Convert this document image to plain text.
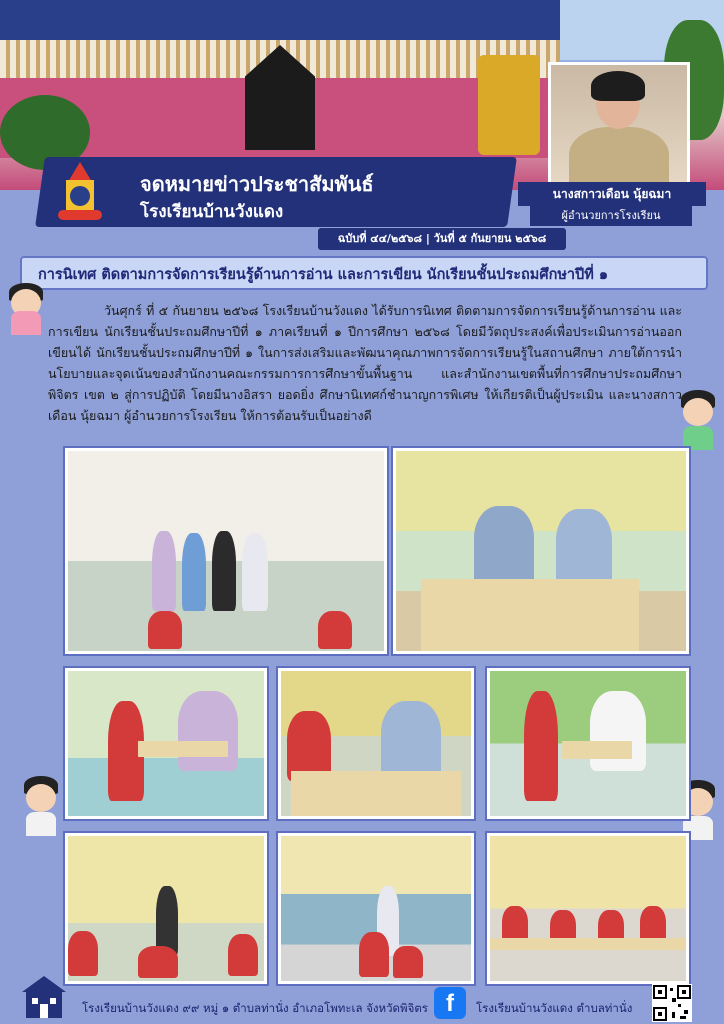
จดหมายข่าวประชาสัมพันธ์
โรงเรียนบ้านวังแดง
นางสกาวเดือน นุ้ยฉมา
ผู้อำนวยการโรงเรียน
ฉบับที่ ๔๔/๒๕๖๘ | วันที่ ๕ กันยายน ๒๕๖๘
การนิเทศ ติดตามการจัดการเรียนรู้ด้านการอ่าน และการเขียน นักเรียนชั้นประถมศึกษาปีที่ ๑
วันศุกร์ ที่ ๕ กันยายน ๒๕๖๘ โรงเรียนบ้านวังแดง ได้รับการนิเทศ ติดตามการจัดการเรียนรู้ด้านการอ่าน และการเขียน นักเรียนชั้นประถมศึกษาปีที่ ๑ ภาคเรียนที่ ๑ ปีการศึกษา ๒๕๖๘ โดยมีวัตถุประสงค์เพื่อประเมินการอ่านออก เขียนได้ นักเรียนชั้นประถมศึกษาปีที่ ๑ ในการส่งเสริมและพัฒนาคุณภาพการจัดการเรียนรู้ในสถานศึกษา ภายใต้การนำนโยบายและจุดเน้นของสำนักงานคณะกรรมการการศึกษาขั้นพื้นฐาน และสำนักงานเขตพื้นที่การศึกษาประถมศึกษาพิจิตร เขต ๒ สู่การปฏิบัติ โดยมีนางอิสรา ยอดยิ่ง ศึกษานิเทศก์ชำนาญการพิเศษ ให้เกียรติเป็นผู้ประเมิน และนางสกาวเดือน นุ้ยฉมา ผู้อำนวยการโรงเรียน ให้การต้อนรับเป็นอย่างดี
โรงเรียนบ้านวังแดง ๙๙ หมู่ ๑ ตำบลท่านั่ง อำเภอโพทะเล จังหวัดพิจิตร f	โรงเรียนบ้านวังแดง ตำบลท่านั่ง
